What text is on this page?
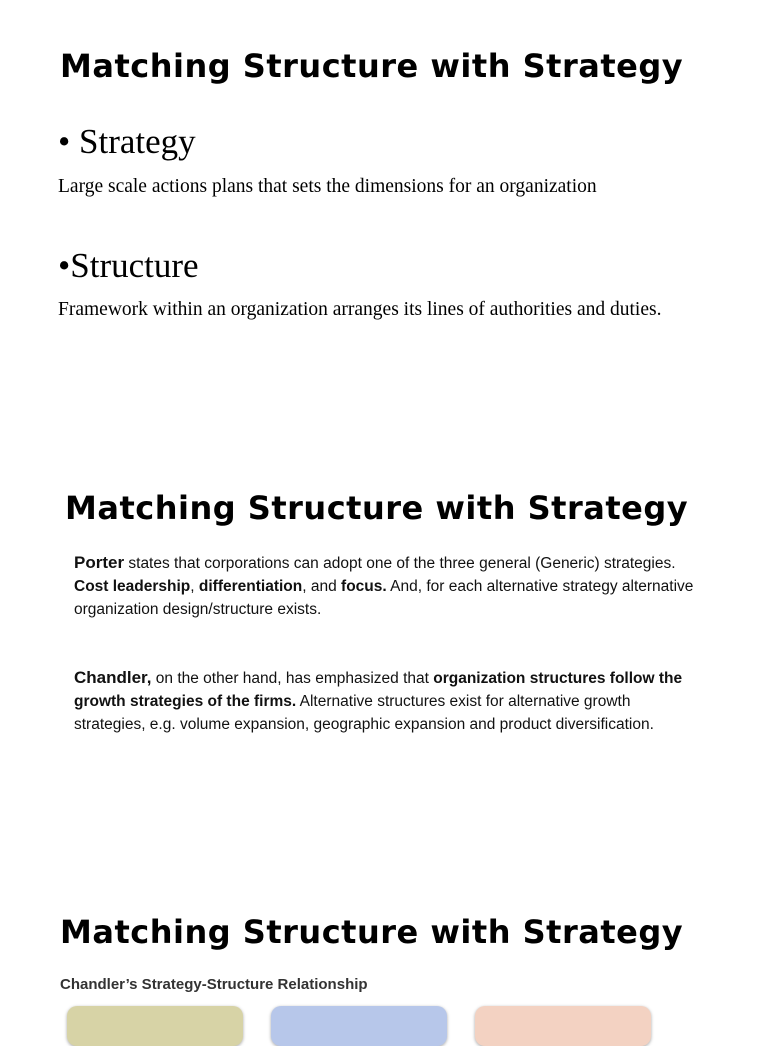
Matching Structure with Strategy

• Strategy

Large scale actions plans that sets the dimensions for an organization

•Structure

Framework within an organization arranges its lines of authorities and duties.

Matching Structure with Strategy

Porter states that corporations can adopt one of the three general (Generic) strategies. Cost leadership, differentiation, and focus. And, for each alternative strategy alternative organization design/structure exists.

Chandler, on the other hand, has emphasized that organization structures follow the growth strategies of the firms. Alternative structures exist for alternative growth strategies, e.g. volume expansion, geographic expansion and product diversification.

Matching Structure with Strategy

Chandler’s Strategy-Structure Relationship
